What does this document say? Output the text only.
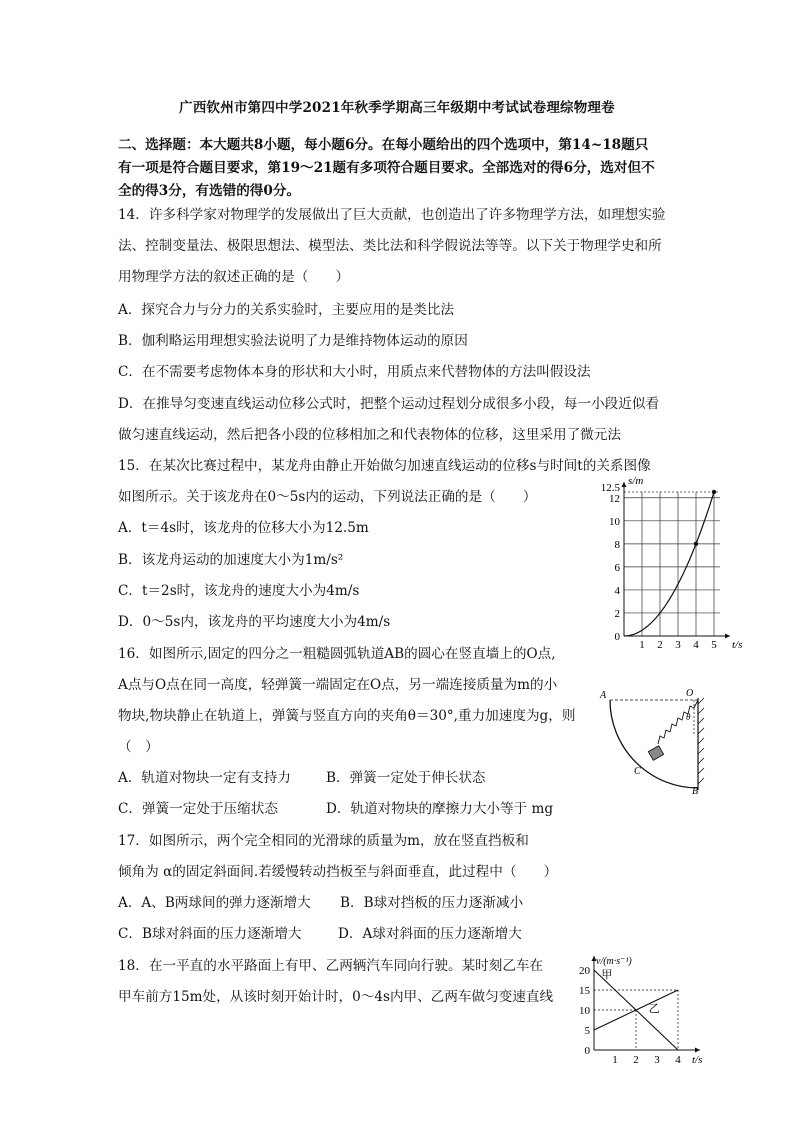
广西钦州市第四中学2021年秋季学期高三年级期中考试试卷理综物理卷
二、选择题：本大题共8小题，每小题6分。在每小题给出的四个选项中，第14~18题只
有一项是符合题目要求，第19～21题有多项符合题目要求。全部选对的得6分，选对但不
全的得3分，有选错的得0分。
14．许多科学家对物理学的发展做出了巨大贡献，也创造出了许多物理学方法，如理想实验
法、控制变量法、极限思想法、模型法、类比法和科学假说法等等。以下关于物理学史和所
用物理学方法的叙述正确的是（　　）
A．探究合力与分力的关系实验时，主要应用的是类比法
B．伽利略运用理想实验法说明了力是维持物体运动的原因
C．在不需要考虑物体本身的形状和大小时，用质点来代替物体的方法叫假设法
D．在推导匀变速直线运动位移公式时，把整个运动过程划分成很多小段，每一小段近似看
做匀速直线运动，然后把各小段的位移相加之和代表物体的位移，这里采用了微元法
15．在某次比赛过程中，某龙舟由静止开始做匀加速直线运动的位移s与时间t的关系图像
如图所示。关于该龙舟在0～5s内的运动，下列说法正确的是（　　）
A．t＝4s时，该龙舟的位移大小为12.5m
B．该龙舟运动的加速度大小为1m/s²
C．t＝2s时，该龙舟的速度大小为4m/s
D．0～5s内，该龙舟的平均速度大小为4m/s
1 2 3 4 5
0
2
4
6
8
10
12
12.5
s/m
t/s
16．如图所示,固定的四分之一粗糙圆弧轨道AB的圆心在竖直墙上的O点,
A点与O点在同一高度，轻弹簧一端固定在O点，另一端连接质量为m的小
物块,物块静止在轨道上，弹簧与竖直方向的夹角θ＝30°,重力加速度为g，则
（　）
A．轨道对物块一定有支持力	B．弹簧一定处于伸长状态
C．弹簧一定处于压缩状态	D．轨道对物块的摩擦力大小等于 mg
A	O
θ
C
B
17．如图所示，两个完全相同的光滑球的质量为m，放在竖直挡板和
倾角为 α的固定斜面间.若缓慢转动挡板至与斜面垂直，此过程中（　　）
A．A、B两球间的弹力逐渐增大 B．B球对挡板的压力逐渐减小
C．B球对斜面的压力逐渐增大	D．A球对斜面的压力逐渐增大
18．在一平直的水平路面上有甲、乙两辆汽车同向行驶。某时刻乙车在
甲车前方15m处，从该时刻开始计时，0～4s内甲、乙两车做匀变速直线
1 2 3 4
0
5
10
15
20 甲
乙
v/(m·s⁻¹)
t/s
